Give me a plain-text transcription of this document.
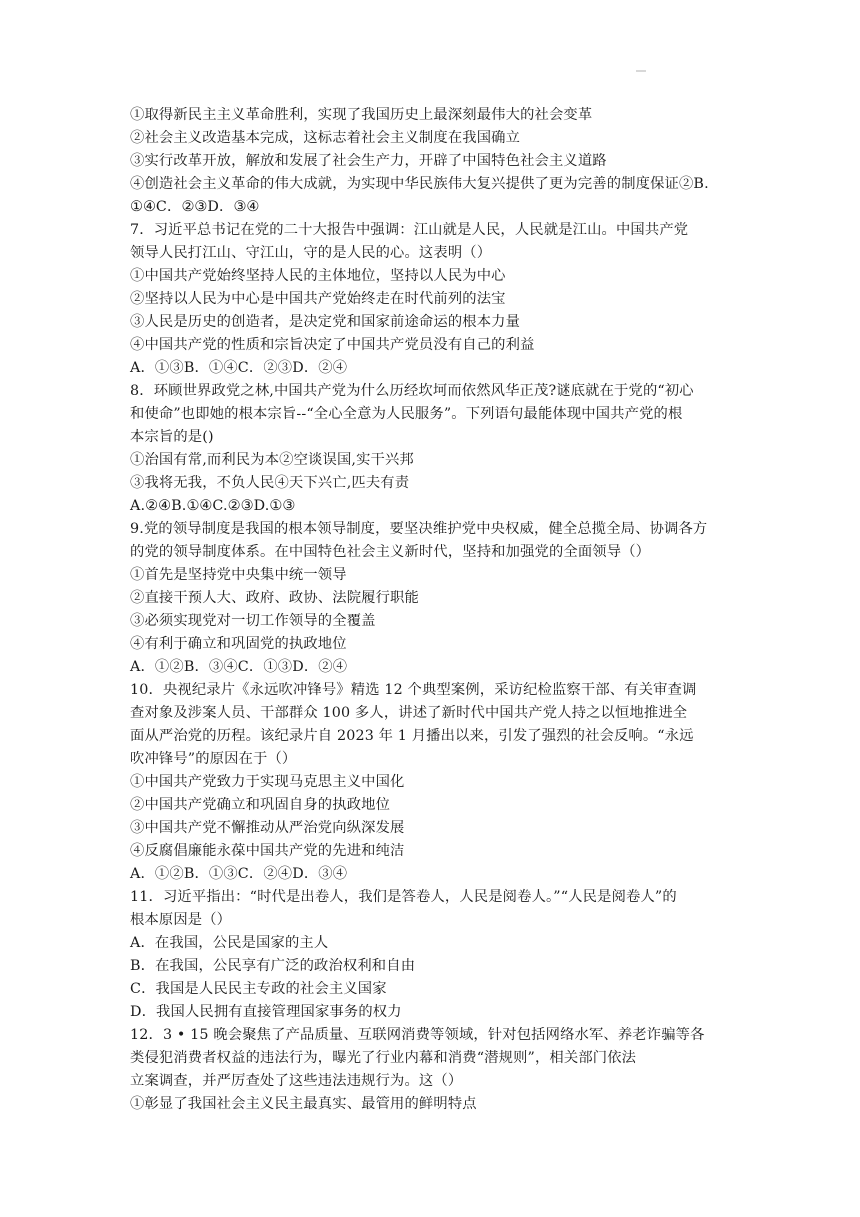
①取得新民主主义革命胜利，实现了我国历史上最深刻最伟大的社会变革
②社会主义改造基本完成，这标志着社会主义制度在我国确立
③实行改革开放，解放和发展了社会生产力，开辟了中国特色社会主义道路
④创造社会主义革命的伟大成就，为实现中华民族伟大复兴提供了更为完善的制度保证②B.
①④C．②③D．③④
7．习近平总书记在党的二十大报告中强调：江山就是人民，人民就是江山。中国共产党
领导人民打江山、守江山，守的是人民的心。这表明（）
①中国共产党始终坚持人民的主体地位，坚持以人民为中心
②坚持以人民为中心是中国共产党始终走在时代前列的法宝
③人民是历史的创造者，是决定党和国家前途命运的根本力量
④中国共产党的性质和宗旨决定了中国共产党员没有自己的利益
A．①③B．①④C．②③D．②④
8．环顾世界政党之林,中国共产党为什么历经坎坷而依然风华正茂?谜底就在于党的“初心
和使命”也即她的根本宗旨--“全心全意为人民服务”。下列语句最能体现中国共产党的根
本宗旨的是()
①治国有常,而利民为本②空谈误国,实干兴邦
③我将无我，不负人民④天下兴亡,匹夫有责
A.②④B.①④C.②③D.①③
9.党的领导制度是我国的根本领导制度，要坚决维护党中央权威，健全总揽全局、协调各方
的党的领导制度体系。在中国特色社会主义新时代，坚持和加强党的全面领导（）
①首先是坚持党中央集中统一领导
②直接干预人大、政府、政协、法院履行职能
③必须实现党对一切工作领导的全覆盖
④有利于确立和巩固党的执政地位
A．①②B．③④C．①③D．②④
10．央视纪录片《永远吹冲锋号》精选 12 个典型案例，采访纪检监察干部、有关审查调
查对象及涉案人员、干部群众 100 多人，讲述了新时代中国共产党人持之以恒地推进全
面从严治党的历程。该纪录片自 2023 年 1 月播出以来，引发了强烈的社会反响。“永远
吹冲锋号”的原因在于（）
①中国共产党致力于实现马克思主义中国化
②中国共产党确立和巩固自身的执政地位
③中国共产党不懈推动从严治党向纵深发展
④反腐倡廉能永葆中国共产党的先进和纯洁
A．①②B．①③C．②④D．③④
11．习近平指出：“时代是出卷人，我们是答卷人，人民是阅卷人。”“人民是阅卷人”的
根本原因是（）
A．在我国，公民是国家的主人
B．在我国，公民享有广泛的政治权利和自由
C．我国是人民民主专政的社会主义国家
D．我国人民拥有直接管理国家事务的权力
12．3 • 15 晚会聚焦了产品质量、互联网消费等领域，针对包括网络水军、养老诈骗等各
类侵犯消费者权益的违法行为，曝光了行业内幕和消费“潜规则”，相关部门依法
立案调查，并严厉查处了这些违法违规行为。这（）
①彰显了我国社会主义民主最真实、最管用的鲜明特点
